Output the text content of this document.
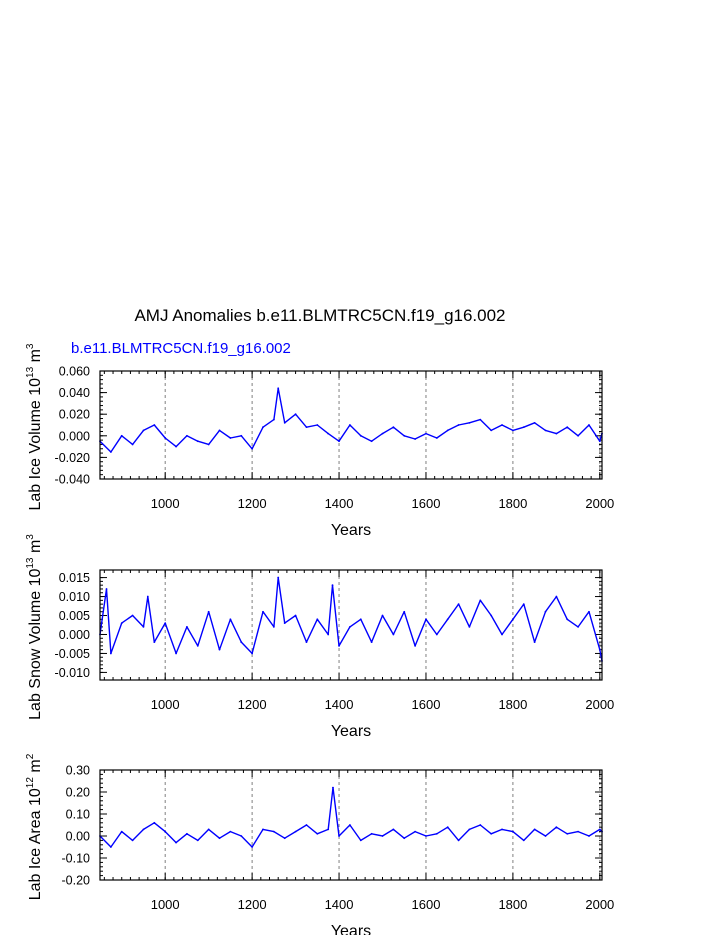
AMJ Anomalies b.e11.BLMTRC5CN.f19_g16.002
b.e11.BLMTRC5CN.f19_g16.002
1000	1200	1400	1600	1800	2000
0.060
0.040
0.020
0.000
-0.020
-0.040
Years
Lab Ice Volume $10^{13}$ $m^3$
1000	1200	1400	1600	1800	2000
0.015
0.010
0.005
0.000
-0.005
-0.010
Years
Lab Snow Volume $10^{13}$ $m^3$
1000	1200	1400	1600	1800	2000
0.30
0.20
0.10
0.00
-0.10
-0.20
Years
Lab Ice Area $10^{12}$ $m^2$
